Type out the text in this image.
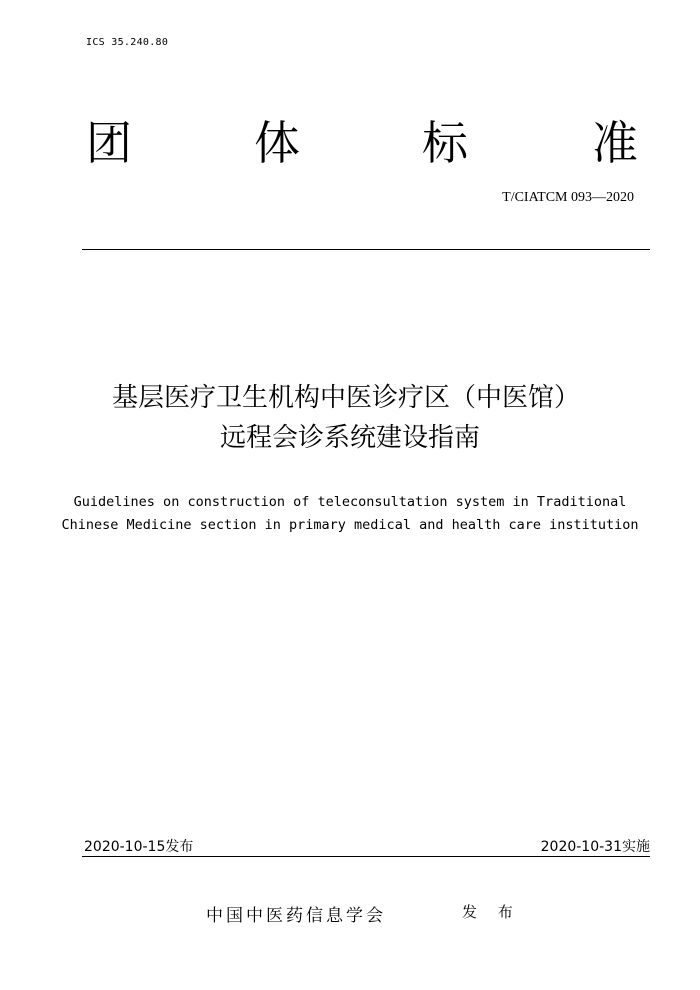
ICS 35.240.80
团	体	标	准
T/CIATCM 093—2020
基层医疗卫生机构中医诊疗区（中医馆）
远程会诊系统建设指南
Guidelines on construction of teleconsultation system in Traditional
Chinese Medicine section in primary medical and health care institution
2020-10-15发布	2020-10-31实施
中国中医药信息学会	发 布
